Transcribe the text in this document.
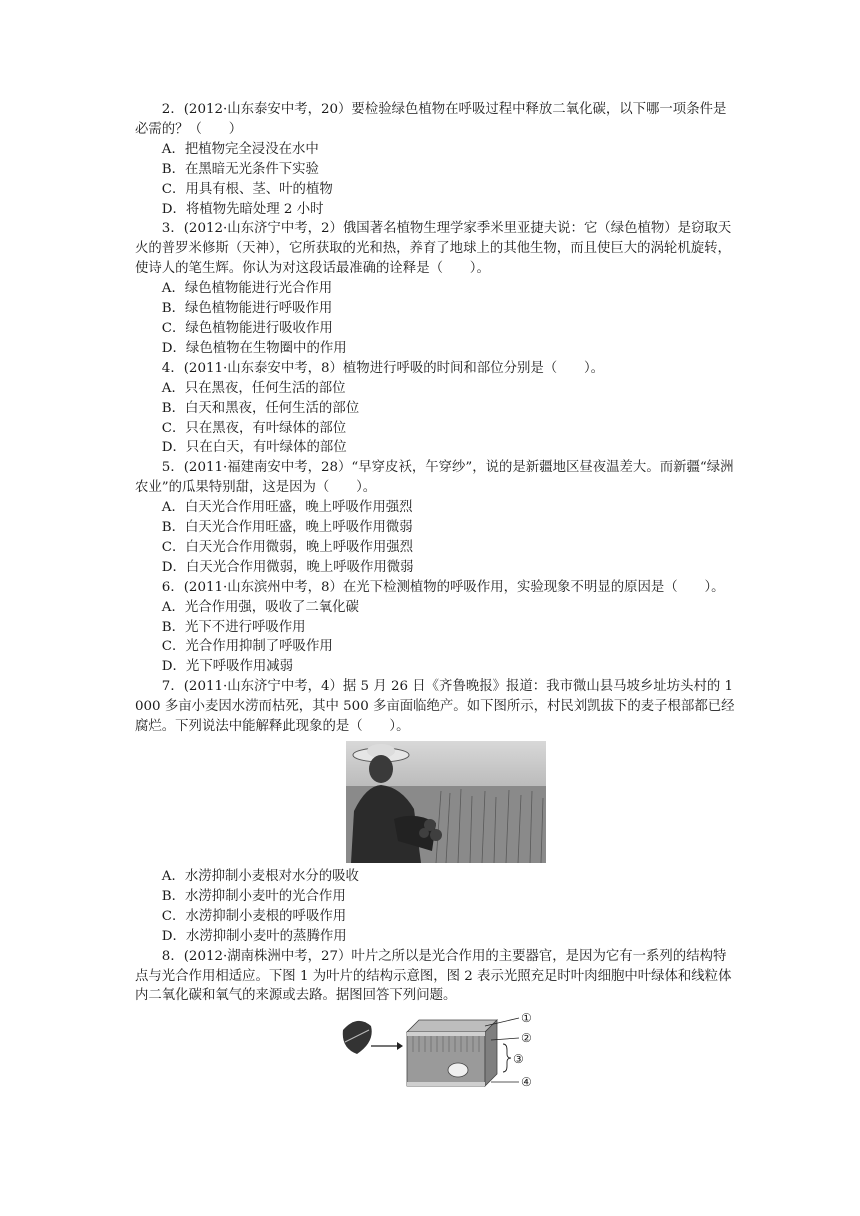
2．(2012·山东泰安中考，20）要检验绿色植物在呼吸过程中释放二氧化碳，以下哪一项条件是必需的？（　　）

A．把植物完全浸没在水中

B．在黑暗无光条件下实验

C．用具有根、茎、叶的植物

D．将植物先暗处理 2 小时

3．(2012·山东济宁中考，2）俄国著名植物生理学家季米里亚捷夫说：它（绿色植物）是窃取天火的普罗米修斯（天神），它所获取的光和热，养育了地球上的其他生物，而且使巨大的涡轮机旋转，使诗人的笔生辉。你认为对这段话最准确的诠释是（　　）。

A．绿色植物能进行光合作用

B．绿色植物能进行呼吸作用

C．绿色植物能进行吸收作用

D．绿色植物在生物圈中的作用

4．(2011·山东泰安中考，8）植物进行呼吸的时间和部位分别是（　　）。

A．只在黑夜，任何生活的部位

B．白天和黑夜，任何生活的部位

C．只在黑夜，有叶绿体的部位

D．只在白天，有叶绿体的部位

5．(2011·福建南安中考，28）“早穿皮袄，午穿纱”，说的是新疆地区昼夜温差大。而新疆“绿洲农业”的瓜果特别甜，这是因为（　　）。

A．白天光合作用旺盛，晚上呼吸作用强烈

B．白天光合作用旺盛，晚上呼吸作用微弱

C．白天光合作用微弱，晚上呼吸作用强烈

D．白天光合作用微弱，晚上呼吸作用微弱

6．(2011·山东滨州中考，8）在光下检测植物的呼吸作用，实验现象不明显的原因是（　　）。

A．光合作用强，吸收了二氧化碳

B．光下不进行呼吸作用

C．光合作用抑制了呼吸作用

D．光下呼吸作用减弱

7．(2011·山东济宁中考，4）据 5 月 26 日《齐鲁晚报》报道：我市微山县马坡乡址坊头村的 1 000 多亩小麦因水涝而枯死，其中 500 多亩面临绝产。如下图所示，村民刘凯拔下的麦子根部都已经腐烂。下列说法中能解释此现象的是（　　）。

A．水涝抑制小麦根对水分的吸收

B．水涝抑制小麦叶的光合作用

C．水涝抑制小麦根的呼吸作用

D．水涝抑制小麦叶的蒸腾作用

8．(2012·湖南株洲中考，27）叶片之所以是光合作用的主要器官，是因为它有一系列的结构特点与光合作用相适应。下图 1 为叶片的结构示意图，图 2 表示光照充足时叶肉细胞中叶绿体和线粒体内二氧化碳和氧气的来源或去路。据图回答下列问题。

①
②
③
④
